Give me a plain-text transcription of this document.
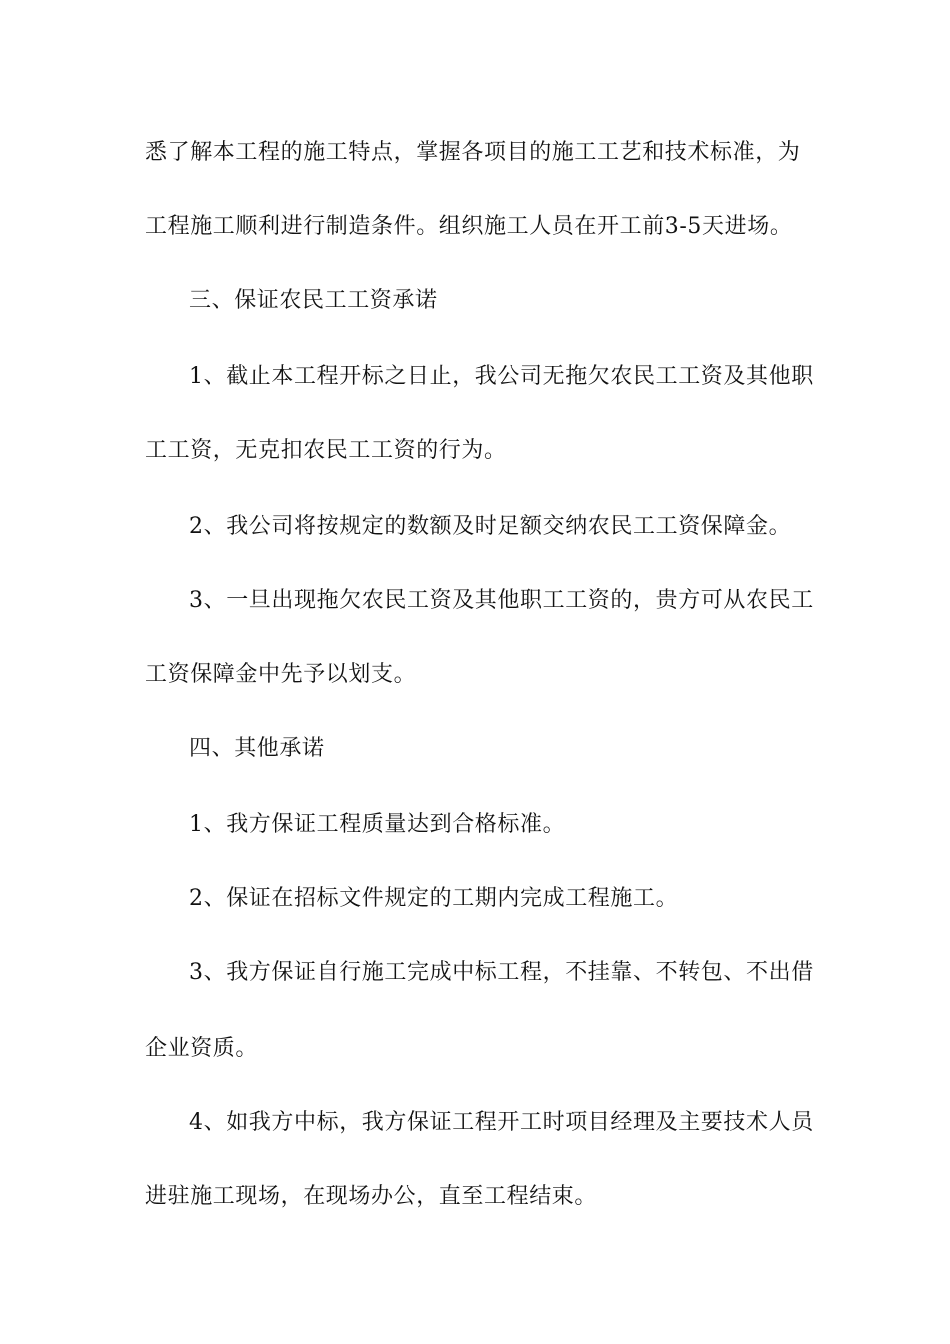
悉了解本工程的施工特点，掌握各项目的施工工艺和技术标准，为
工程施工顺利进行制造条件。组织施工人员在开工前3-5天进场。
三、保证农民工工资承诺
1、截止本工程开标之日止，我公司无拖欠农民工工资及其他职
工工资，无克扣农民工工资的行为。
2、我公司将按规定的数额及时足额交纳农民工工资保障金。
3、一旦出现拖欠农民工资及其他职工工资的，贵方可从农民工
工资保障金中先予以划支。
四、其他承诺
1、我方保证工程质量达到合格标准。
2、保证在招标文件规定的工期内完成工程施工。
3、我方保证自行施工完成中标工程，不挂靠、不转包、不出借
企业资质。
4、如我方中标，我方保证工程开工时项目经理及主要技术人员
进驻施工现场，在现场办公，直至工程结束。
